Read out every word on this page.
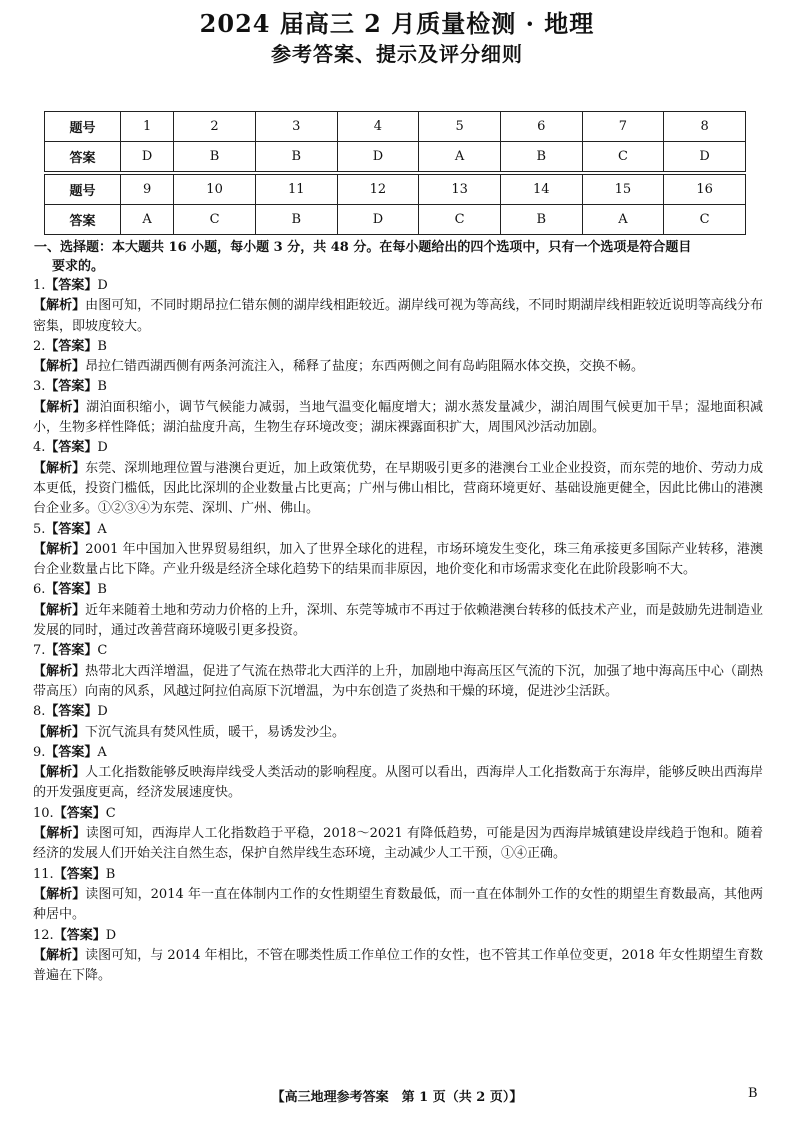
2024 届高三 2 月质量检测 · 地理
参考答案、提示及评分细则
题号	1	2	3	4	5	6	7	8
答案	D	B	B	D	A	B	C	D

题号	9	10	11	12	13	14	15	16
答案	A	C	B	D	C	B	A	C
一、选择题：本大题共 16 小题，每小题 3 分，共 48 分。在每小题给出的四个选项中，只有一个选项是符合题目
要求的。

1.【答案】D

【解析】由图可知，不同时期昂拉仁错东侧的湖岸线相距较近。湖岸线可视为等高线，不同时期湖岸线相距较近说明等高线分布密集，即坡度较大。

2.【答案】B

【解析】昂拉仁错西湖西侧有两条河流注入，稀释了盐度；东西两侧之间有岛屿阻隔水体交换，交换不畅。

3.【答案】B

【解析】湖泊面积缩小，调节气候能力减弱，当地气温变化幅度增大；湖水蒸发量减少，湖泊周围气候更加干旱；湿地面积减小，生物多样性降低；湖泊盐度升高，生物生存环境改变；湖床裸露面积扩大，周围风沙活动加剧。

4.【答案】D

【解析】东莞、深圳地理位置与港澳台更近，加上政策优势，在早期吸引更多的港澳台工业企业投资，而东莞的地价、劳动力成本更低，投资门槛低，因此比深圳的企业数量占比更高；广州与佛山相比，营商环境更好、基础设施更健全，因此比佛山的港澳台企业多。①②③④为东莞、深圳、广州、佛山。

5.【答案】A

【解析】2001 年中国加入世界贸易组织，加入了世界全球化的进程，市场环境发生变化，珠三角承接更多国际产业转移，港澳台企业数量占比下降。产业升级是经济全球化趋势下的结果而非原因，地价变化和市场需求变化在此阶段影响不大。

6.【答案】B

【解析】近年来随着土地和劳动力价格的上升，深圳、东莞等城市不再过于依赖港澳台转移的低技术产业，而是鼓励先进制造业发展的同时，通过改善营商环境吸引更多投资。

7.【答案】C

【解析】热带北大西洋增温，促进了气流在热带北大西洋的上升，加剧地中海高压区气流的下沉，加强了地中海高压中心（副热带高压）向南的风系，风越过阿拉伯高原下沉增温，为中东创造了炎热和干燥的环境，促进沙尘活跃。

8.【答案】D

【解析】下沉气流具有焚风性质，暖干，易诱发沙尘。

9.【答案】A

【解析】人工化指数能够反映海岸线受人类活动的影响程度。从图可以看出，西海岸人工化指数高于东海岸，能够反映出西海岸的开发强度更高，经济发展速度快。

10.【答案】C

【解析】读图可知，西海岸人工化指数趋于平稳，2018～2021 有降低趋势，可能是因为西海岸城镇建设岸线趋于饱和。随着经济的发展人们开始关注自然生态，保护自然岸线生态环境，主动减少人工干预，①④正确。

11.【答案】B

【解析】读图可知，2014 年一直在体制内工作的女性期望生育数最低，而一直在体制外工作的女性的期望生育数最高，其他两种居中。

12.【答案】D

【解析】读图可知，与 2014 年相比，不管在哪类性质工作单位工作的女性，也不管其工作单位变更，2018 年女性期望生育数普遍在下降。

【高三地理参考答案　第 1 页（共 2 页）】	B
